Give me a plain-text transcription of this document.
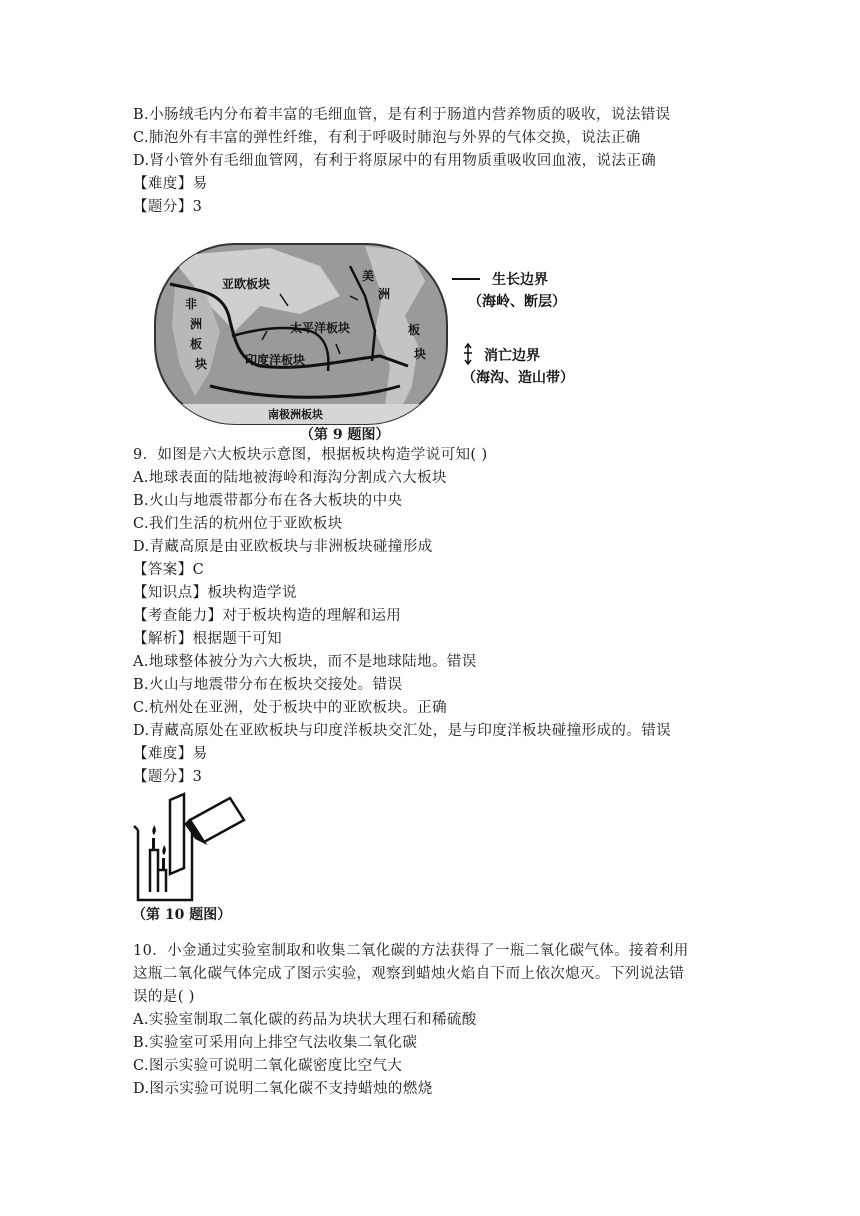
B.小肠绒毛内分布着丰富的毛细血管，是有利于肠道内营养物质的吸收，说法错误
C.肺泡外有丰富的弹性纤维，有利于呼吸时肺泡与外界的气体交换，说法正确
D.肾小管外有毛细血管网，有利于将原尿中的有用物质重吸收回血液，说法正确
【难度】易
【题分】3
亚欧板块
非
洲
板
块
太平洋板块
印度洋板块
美
洲
板
块
南极洲板块
生长边界
（海岭、断层）
消亡边界
（海沟、造山带）
（第 9 题图）
9．如图是六大板块示意图，根据板块构造学说可知( )
A.地球表面的陆地被海岭和海沟分割成六大板块
B.火山与地震带都分布在各大板块的中央
C.我们生活的杭州位于亚欧板块
D.青藏高原是由亚欧板块与非洲板块碰撞形成
【答案】C
【知识点】板块构造学说
【考查能力】对于板块构造的理解和运用
【解析】根据题干可知
A.地球整体被分为六大板块，而不是地球陆地。错误
B.火山与地震带分布在板块交接处。错误
C.杭州处在亚洲，处于板块中的亚欧板块。正确
D.青藏高原处在亚欧板块与印度洋板块交汇处，是与印度洋板块碰撞形成的。错误
【难度】易
【题分】3
（第 10 题图）
10．小金通过实验室制取和收集二氧化碳的方法获得了一瓶二氧化碳气体。接着利用
这瓶二氧化碳气体完成了图示实验，观察到蜡烛火焰自下而上依次熄灭。下列说法错
误的是( )
A.实验室制取二氧化碳的药品为块状大理石和稀硫酸
B.实验室可采用向上排空气法收集二氧化碳
C.图示实验可说明二氧化碳密度比空气大
D.图示实验可说明二氧化碳不支持蜡烛的燃烧
